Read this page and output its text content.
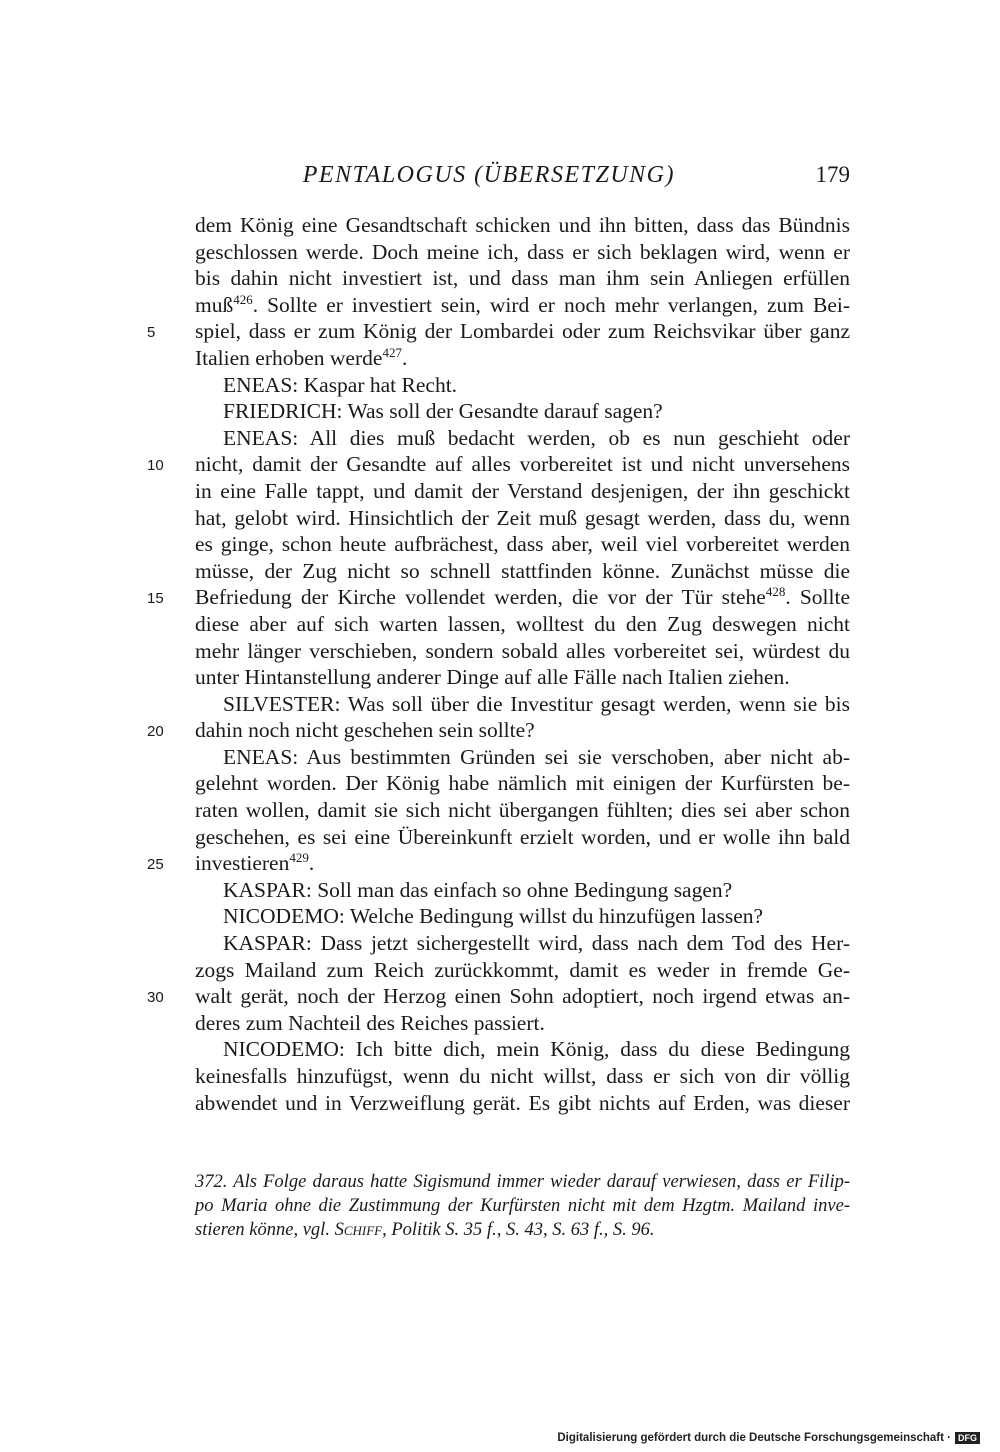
PENTALOGUS (ÜBERSETZUNG)	179
dem König eine Gesandtschaft schicken und ihn bitten, dass das Bündnis
geschlossen werde. Doch meine ich, dass er sich beklagen wird, wenn er
bis dahin nicht investiert ist, und dass man ihm sein Anliegen erfüllen
muß$^{426}$. Sollte er investiert sein, wird er noch mehr verlangen, zum Bei-
5	spiel, dass er zum König der Lombardei oder zum Reichsvikar über ganz
Italien erhoben werde$^{427}$.
ENEAS: Kaspar hat Recht.
FRIEDRICH: Was soll der Gesandte darauf sagen?
ENEAS: All dies muß bedacht werden, ob es nun geschieht oder
10	nicht, damit der Gesandte auf alles vorbereitet ist und nicht unversehens
in eine Falle tappt, und damit der Verstand desjenigen, der ihn geschickt
hat, gelobt wird. Hinsichtlich der Zeit muß gesagt werden, dass du, wenn
es ginge, schon heute aufbrächest, dass aber, weil viel vorbereitet werden
müsse, der Zug nicht so schnell stattfinden könne. Zunächst müsse die
15	Befriedung der Kirche vollendet werden, die vor der Tür stehe$^{428}$. Sollte
diese aber auf sich warten lassen, wolltest du den Zug deswegen nicht
mehr länger verschieben, sondern sobald alles vorbereitet sei, würdest du
unter Hintanstellung anderer Dinge auf alle Fälle nach Italien ziehen.
SILVESTER: Was soll über die Investitur gesagt werden, wenn sie bis
20	dahin noch nicht geschehen sein sollte?
ENEAS: Aus bestimmten Gründen sei sie verschoben, aber nicht ab-
gelehnt worden. Der König habe nämlich mit einigen der Kurfürsten be-
raten wollen, damit sie sich nicht übergangen fühlten; dies sei aber schon
geschehen, es sei eine Übereinkunft erzielt worden, und er wolle ihn bald
25	investieren$^{429}$.
KASPAR: Soll man das einfach so ohne Bedingung sagen?
NICODEMO: Welche Bedingung willst du hinzufügen lassen?
KASPAR: Dass jetzt sichergestellt wird, dass nach dem Tod des Her-
zogs Mailand zum Reich zurückkommt, damit es weder in fremde Ge-
30	walt gerät, noch der Herzog einen Sohn adoptiert, noch irgend etwas an-
deres zum Nachteil des Reiches passiert.
NICODEMO: Ich bitte dich, mein König, dass du diese Bedingung
keinesfalls hinzufügst, wenn du nicht willst, dass er sich von dir völlig
abwendet und in Verzweiflung gerät. Es gibt nichts auf Erden, was dieser
372. Als Folge daraus hatte Sigismund immer wieder darauf verwiesen, dass er Filip-
po Maria ohne die Zustimmung der Kurfürsten nicht mit dem Hzgtm. Mailand inve-
stieren könne, vgl. Schiff, Politik S. 35 f., S. 43, S. 63 f., S. 96.
Digitalisierung gefördert durch die Deutsche Forschungsgemeinschaft · DFG
